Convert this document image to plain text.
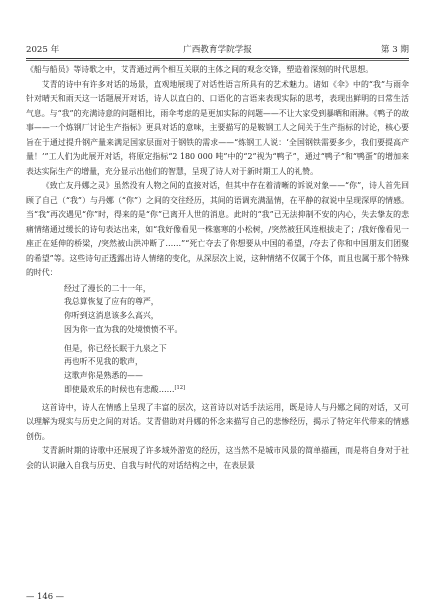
2025 年	广西教育学院学报	第 3 期

《船与船员》等诗歌之中，艾青通过两个相互关联的主体之间的观念交锋，塑造着深刻的时代思想。

艾青的诗中有许多对话的场景，直观地展现了对话性语言所具有的艺术魅力。诸如《伞》中的“我”与雨伞针对晴天和雨天这一话题展开对话，诗人以直白的、口语化的言语来表现实际的思考，表现出鲜明的日常生活气息。与“我”的充满诗意的问题相比，雨伞考虑的是更加实际的问题——不让大家受到暴晒和雨淋。《鸭子的故事——一个炼钢厂讨论生产指标》更具对话的意味，主要描写的是鞍钢工人之间关于生产指标的讨论，核心要旨在于通过提升钢产量来满足国家层面对于钢铁的需求——“炼钢工人说：‘全国钢铁需要多少，我们要提高产量！’”工人们为此展开对话，将原定指标“2 180 000 吨”中的“2”视为“鸭子”，通过“鸭子”和“鸭蛋”的增加来表达实际生产的增量，充分显示出他们的智慧，呈现了诗人对于新时期工人的礼赞。

《致亡友丹娜之灵》虽然没有人物之间的直接对话，但其中存在着清晰的诉说对象——“你”，诗人首先回顾了自己（“我”）与丹娜（“你”）之间的交往经历，其间的语调充满温情，在平静的叙说中呈现深厚的情感。当“我”再次遇见“你”时，得来的是“你”已离开人世的消息。此时的“我”已无法抑制不安的内心，失去挚友的悲痛情绪通过缓长的诗句表达出来，如“我好像看见一株塞寒的小松树，/突然被狂风连根拔走了；/我好像看见一座正在延伸的桥梁，/突然被山洪冲断了……”“死亡夺去了你想要从中国的希望，/夺去了你和中国朋友们团聚的希望”等。这些诗句正透露出诗人情绪的变化，从深层次上说，这种情绪不仅属于个体，而且也属于那个特殊的时代：

经过了漫长的二十一年，
我总算恢复了应有的尊严，
你听到这消息该多么高兴，
因为你一直为我的处境愤愤不平。
但是，你已经长眠于九泉之下
再也听不见我的歌声，
这歌声你是熟悉的——
即使最欢乐的时候也有悲酸……[12]

这首诗中，诗人在情感上呈现了丰富的层次，这首诗以对话手法运用，既是诗人与丹娜之间的对话，又可以理解为现实与历史之间的对话。艾青借助对丹娜的怀念来描写自己的悲惨经历，揭示了特定年代带来的情感创伤。

艾青新时期的诗歌中还展现了许多域外游览的经历，这当然不是城市风景的简单描画，而是将自身对于社会的认识融入自我与历史、自我与时代的对话结构之中，在表层景

— 146 —
